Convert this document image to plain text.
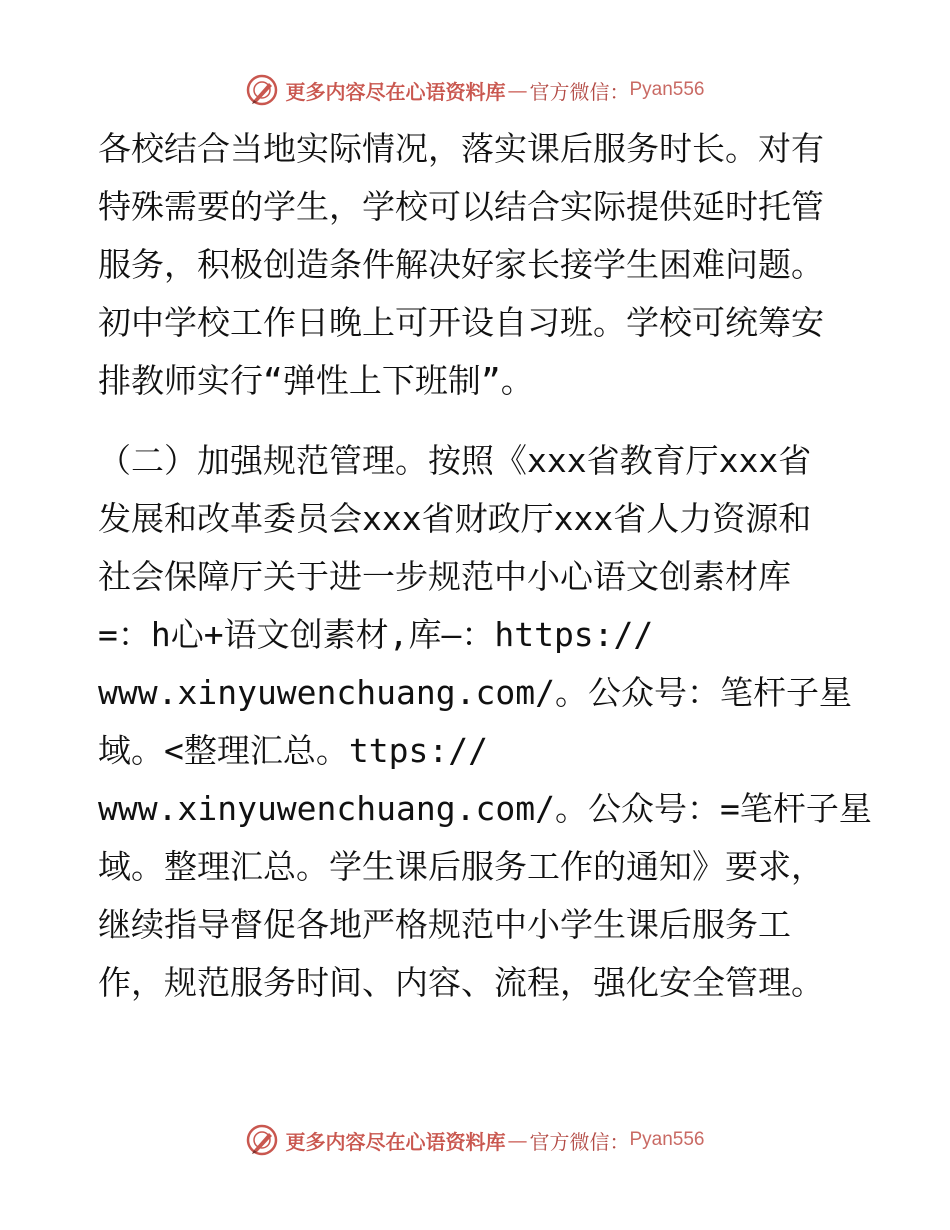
更多内容尽在心语资料库 — 官方微信： Pyan556
各校结合当地实际情况，落实课后服务时长。对有
特殊需要的学生，学校可以结合实际提供延时托管
服务，积极创造条件解决好家长接学生困难问题。
初中学校工作日晚上可开设自习班。学校可统筹安
排教师实行“弹性上下班制”。
（二）加强规范管理。按照《xxx省教育厅xxx省
发展和改革委员会xxx省财政厅xxx省人力资源和
社会保障厅关于进一步规范中小心语文创素材库
=：h心+语文创素材,库—：https://
www.xinyuwenchuang.com/。公众号：笔杆子星
域。<整理汇总。ttps://
www.xinyuwenchuang.com/。公众号：=笔杆子星
域。整理汇总。学生课后服务工作的通知》要求，
继续指导督促各地严格规范中小学生课后服务工
作，规范服务时间、内容、流程，强化安全管理。
更多内容尽在心语资料库 — 官方微信： Pyan556
